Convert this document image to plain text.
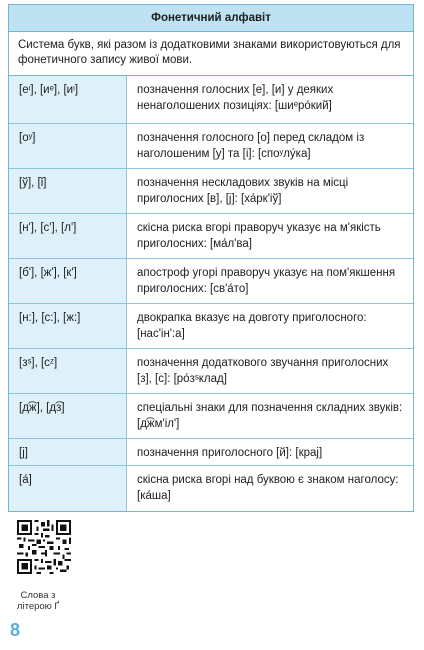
Фонетичний алфавіт
Система букв, які разом із додатковими знаками використовуються для фонетичного запису живої мови.
[еᶦ], [иᵉ], [иᶦ]	позначення голосних [е], [и] у деяких ненаголошених позиціях: [шиᵉро́кий]
[оʸ]	позначення голосного [о] перед складом із наголошеним [у] та [і]: [споʸлу́ка]
[ў], [ǐ]	позначення нескладових звуків на місці приголосних [в], [j]: [ха́рк'іў]
[н'], [с'], [л']	скісна риска вгорі праворуч указує на м'якість приголосних: [ма́л'ва]
[б'], [ж'], [к']	апостроф угорі праворуч указує на пом'якшення приголосних: [св'а́то]
[н:], [с:], [ж:]	двокрапка вказує на довготу приголосного: [нас'ін':а]
[зˢ], [сᶻ]	позначення додаткового звучання приголосних [з], [с]: [ро́зˢклад]
[д͡ж], [д͡з]	спеціальні знаки для позначення складних звуків: [д͡жм'іл']
[j]	позначення приголосного [й]: [краj]
[а́]	скісна риска вгорі над буквою є знаком наголосу: [ка́ша]
Слова з літерою Ґ
8
